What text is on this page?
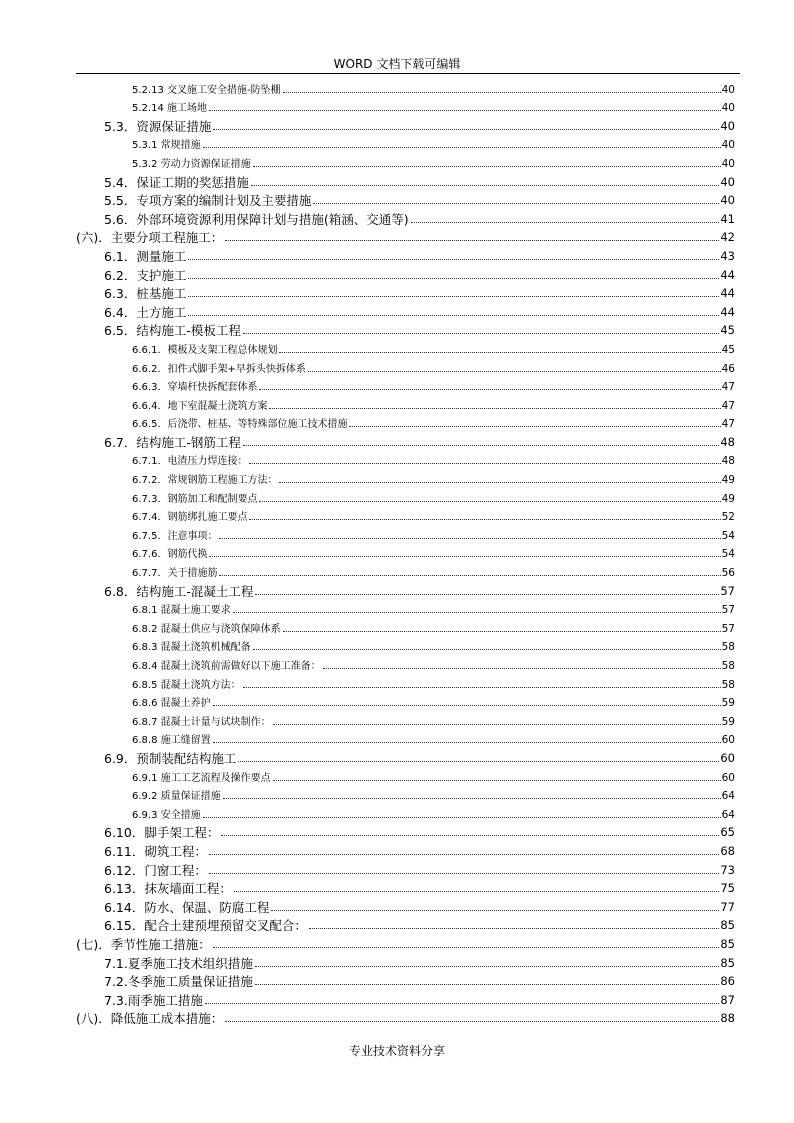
WORD 文档下载可编辑
5.2.13 交叉施工安全措施-防坠棚	40
5.2.14 施工场地	40
5.3．资源保证措施	40
5.3.1 常规措施	40
5.3.2 劳动力资源保证措施	40
5.4．保证工期的奖惩措施	40
5.5．专项方案的编制计划及主要措施	40
5.6．外部环境资源利用保障计划与措施(箱涵、交通等)	41
(六)．主要分项工程施工：	42
6.1．测量施工	43
6.2．支护施工	44
6.3．桩基施工	44
6.4．土方施工	44
6.5．结构施工-模板工程	45
6.6.1．模板及支架工程总体规划	45
6.6.2．扣件式脚手架+早拆头快拆体系	46
6.6.3．穿墙杆快拆配套体系	47
6.6.4．地下室混凝土浇筑方案	47
6.6.5．后浇带、桩基、等特殊部位施工技术措施	47
6.7．结构施工-钢筋工程	48
6.7.1．电渣压力焊连接：	48
6.7.2．常规钢筋工程施工方法：	49
6.7.3．钢筋加工和配制要点	49
6.7.4．钢筋绑扎施工要点	52
6.7.5．注意事项：	54
6.7.6．钢筋代换	54
6.7.7．关于措施筋	56
6.8．结构施工-混凝土工程	57
6.8.1 混凝土施工要求	57
6.8.2 混凝土供应与浇筑保障体系	57
6.8.3 混凝土浇筑机械配备	58
6.8.4 混凝土浇筑前需做好以下施工准备：	58
6.8.5 混凝土浇筑方法：	58
6.8.6 混凝土养护	59
6.8.7 混凝土计量与试块制作：	59
6.8.8 施工缝留置	60
6.9．预制装配结构施工	60
6.9.1 施工工艺流程及操作要点	60
6.9.2 质量保证措施	64
6.9.3 安全措施	64
6.10．脚手架工程：	65
6.11．砌筑工程：	68
6.12．门窗工程：	73
6.13．抹灰墙面工程：	75
6.14．防水、保温、防腐工程	77
6.15．配合土建预埋预留交叉配合：	85
(七)．季节性施工措施：	85
7.1.夏季施工技术组织措施	85
7.2.冬季施工质量保证措施	86
7.3.雨季施工措施	87
(八)．降低施工成本措施：	88
专业技术资料分享
